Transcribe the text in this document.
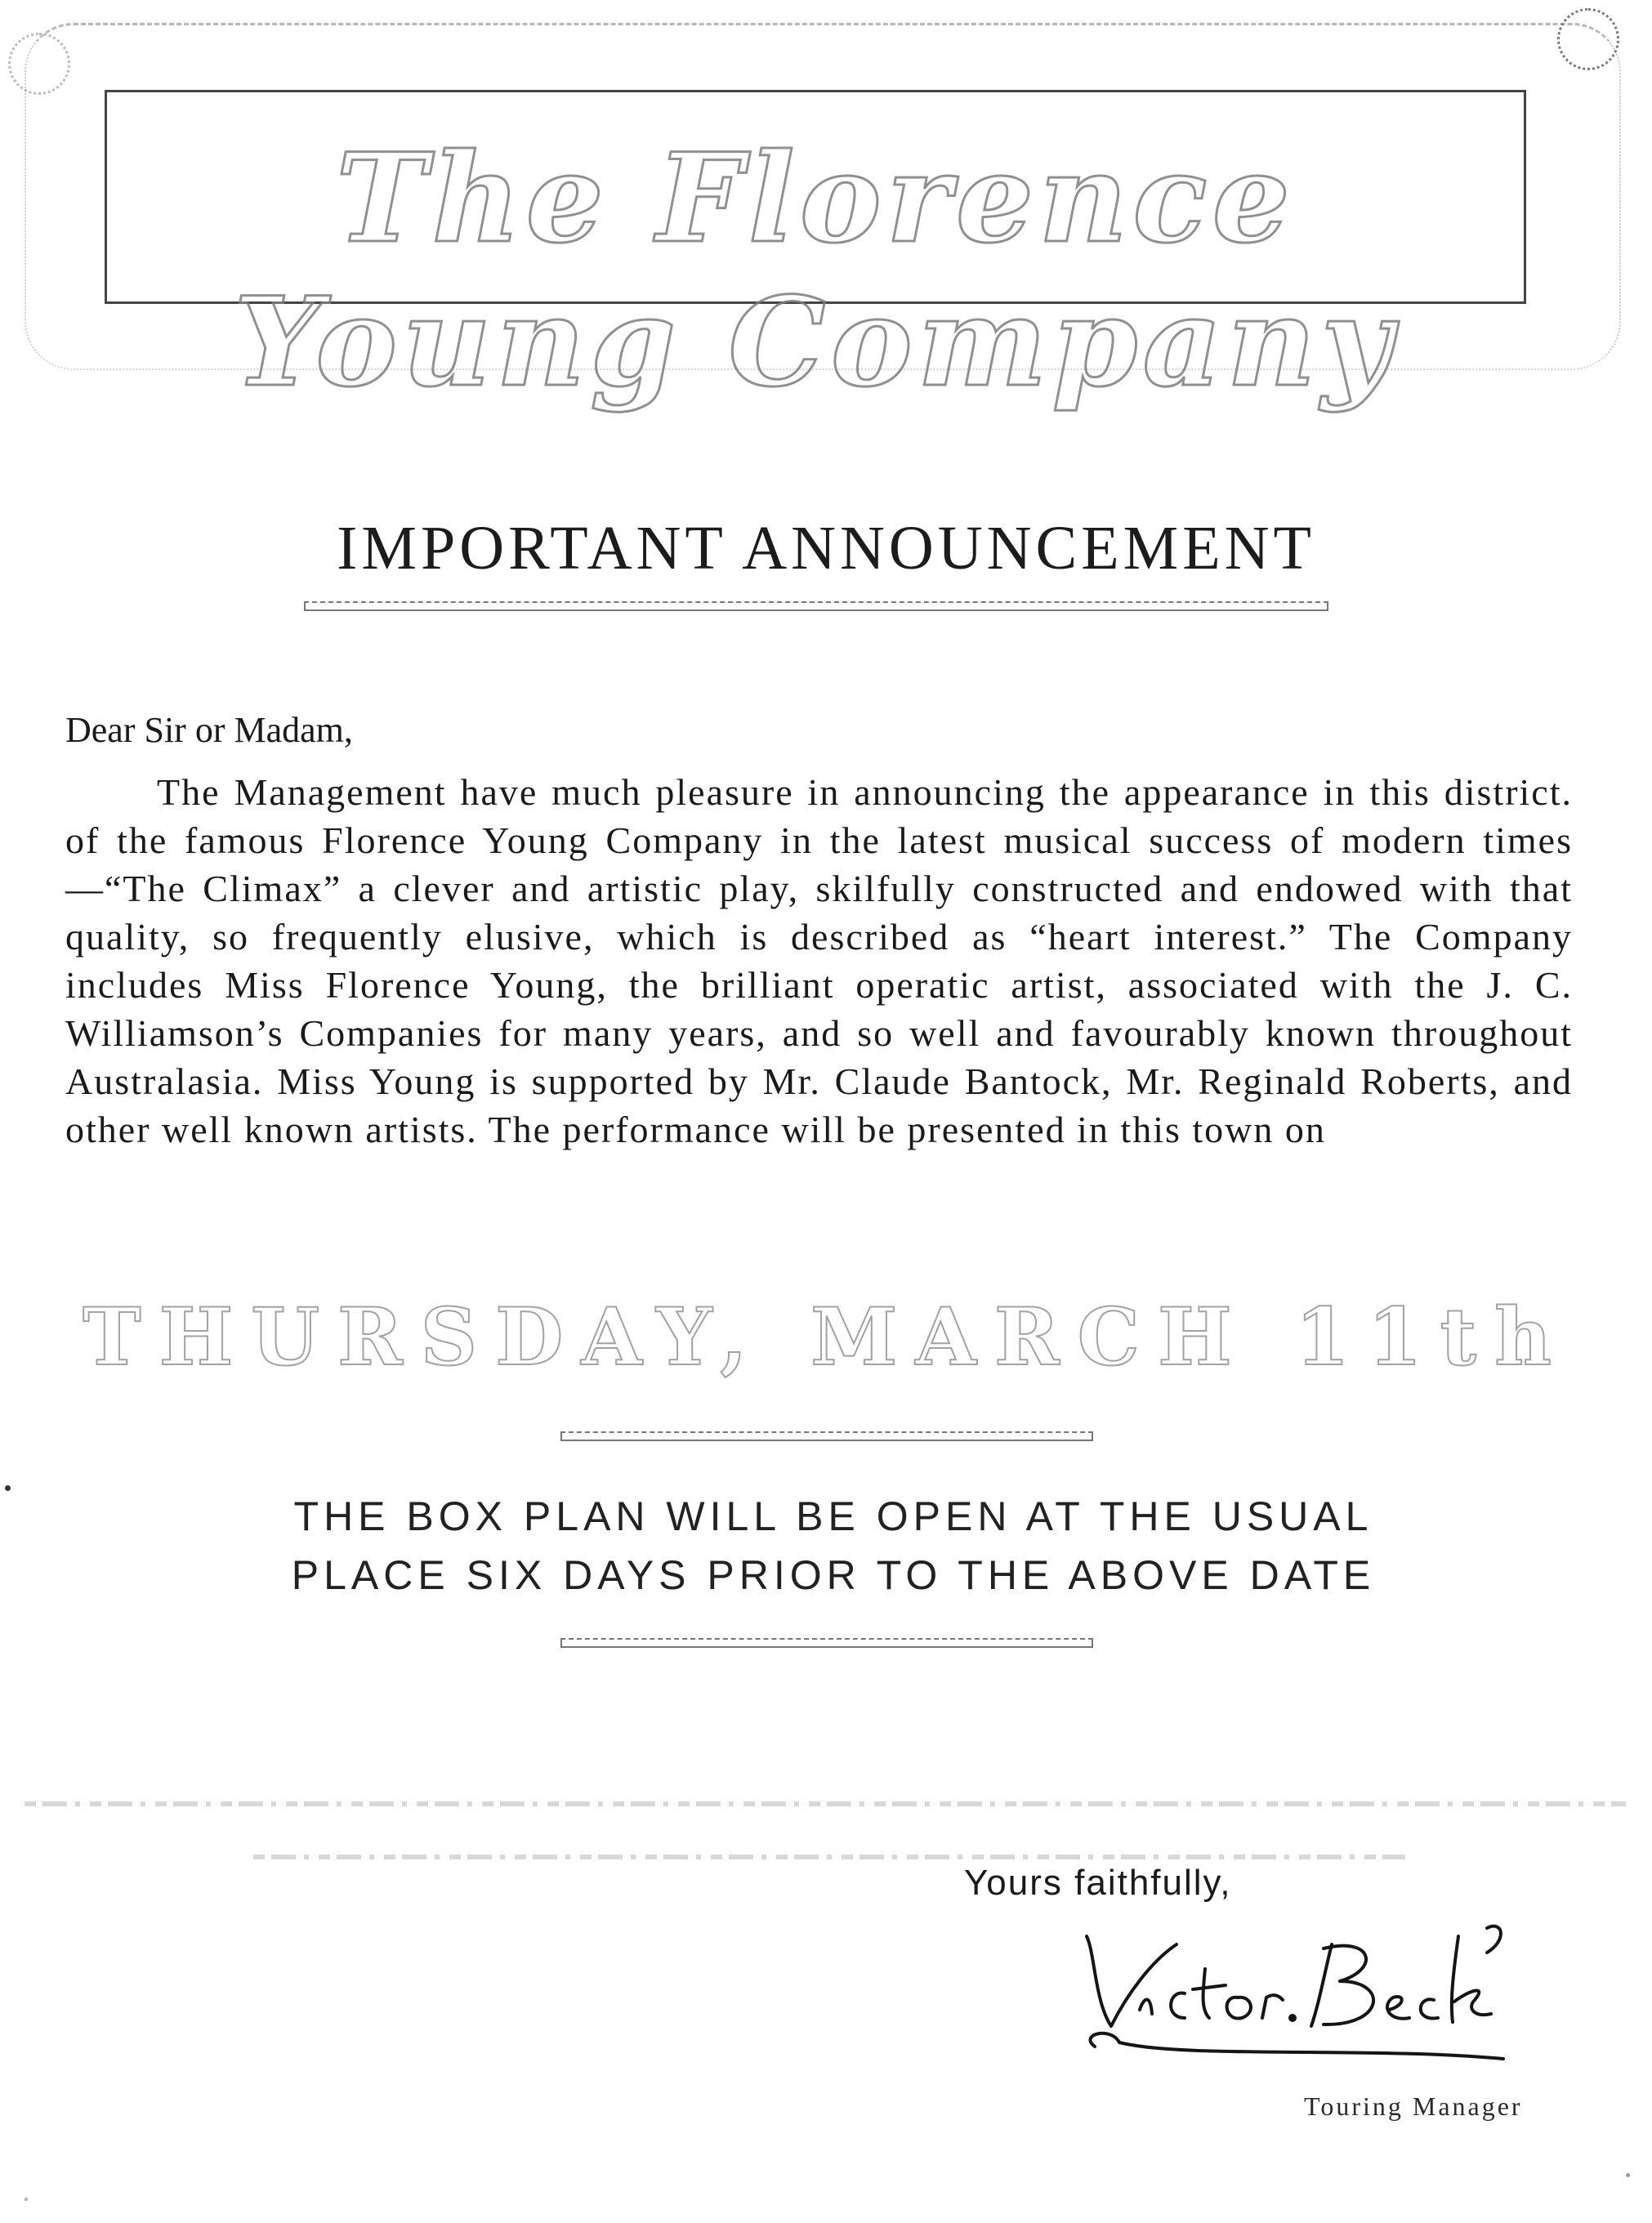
The Florence Young Company
IMPORTANT ANNOUNCEMENT
Dear Sir or Madam,
The Management have much pleasure in announcing the appearance in this district. of the famous Florence Young Company in the latest musical success of modern times—“The Climax” a clever and artistic play, skilfully constructed and endowed with that quality, so frequently elusive, which is described as “heart interest.” The Company includes Miss Florence Young, the brilliant operatic artist, associated with the J. C. Williamson’s Companies for many years, and so well and favourably known throughout Australasia. Miss Young is supported by Mr. Claude Bantock, Mr. Reginald Roberts, and other well known artists. The performance will be presented in this town on
THURSDAY, MARCH 11th
THE BOX PLAN WILL BE OPEN AT THE USUAL
PLACE SIX DAYS PRIOR TO THE ABOVE DATE

Yours faithfully,
Touring Manager
